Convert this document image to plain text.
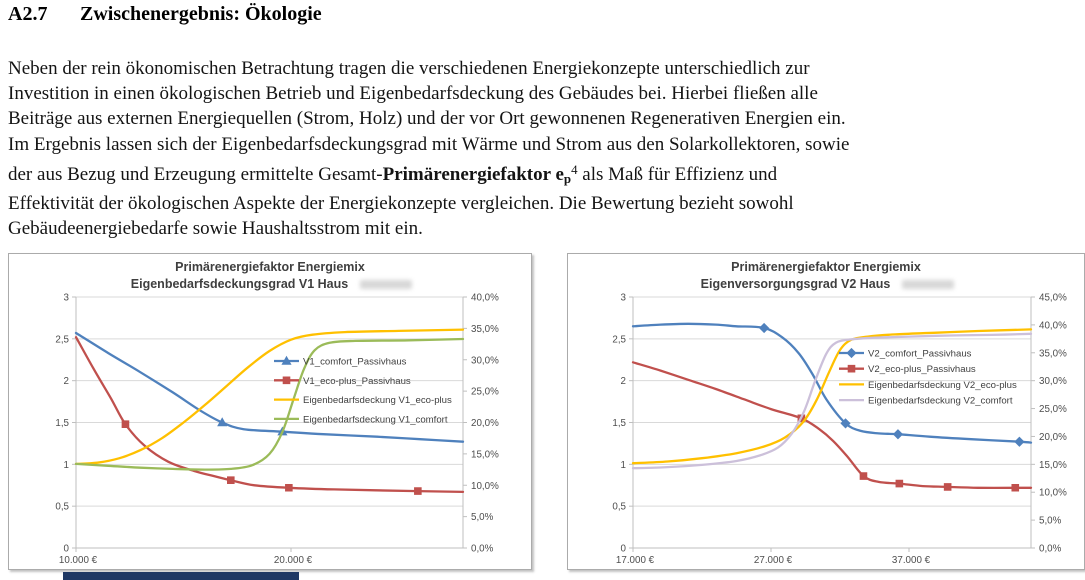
A2.7 Zwischenergebnis: Ökologie
Neben der rein ökonomischen Betrachtung tragen die verschiedenen Energiekonzepte unterschiedlich zur
Investition in einen ökologischen Betrieb und Eigenbedarfsdeckung des Gebäudes bei. Hierbei fließen alle
Beiträge aus externen Energiequellen (Strom, Holz) und der vor Ort gewonnenen Regenerativen Energien ein.
Im Ergebnis lassen sich der Eigenbedarfsdeckungsgrad mit Wärme und Strom aus den Solarkollektoren, sowie
der aus Bezug und Erzeugung ermittelte Gesamt-Primärenergiefaktor $ep^4$ als Maß für Effizienz und
Effektivität der ökologischen Aspekte der Energiekonzepte vergleichen. Die Bewertung bezieht sowohl
Gebäudeenergiebedarfe sowie Haushaltsstrom mit ein.
0
0,5
1
1,5
2
2,5
3
0,0%
5,0%
10,0%
15,0%
20,0%
25,0%
30,0%
35,0%
40,0%
10.000 €	20.000 €
V1_comfort_Passivhaus
V1_eco-plus_Passivhaus
Eigenbedarfsdeckung V1_eco-plus
Eigenbedarfsdeckung V1_comfort
Primärenergiefaktor Energiemix
Eigenbedarfsdeckungsgrad V1 Haus
0
0,5
1
1,5
2
2,5
3
0,0%
5,0%
10,0%
15,0%
20,0%
25,0%
30,0%
35,0%
40,0%
45,0%
17.000 €	27.000 €	37.000 €
V2_comfort_Passivhaus
V2_eco-plus_Passivhaus
Eigenbedarfsdeckung V2_eco-plus
Eigenbedarfsdeckung V2_comfort
Primärenergiefaktor Energiemix
Eigenversorgungsgrad V2 Haus
